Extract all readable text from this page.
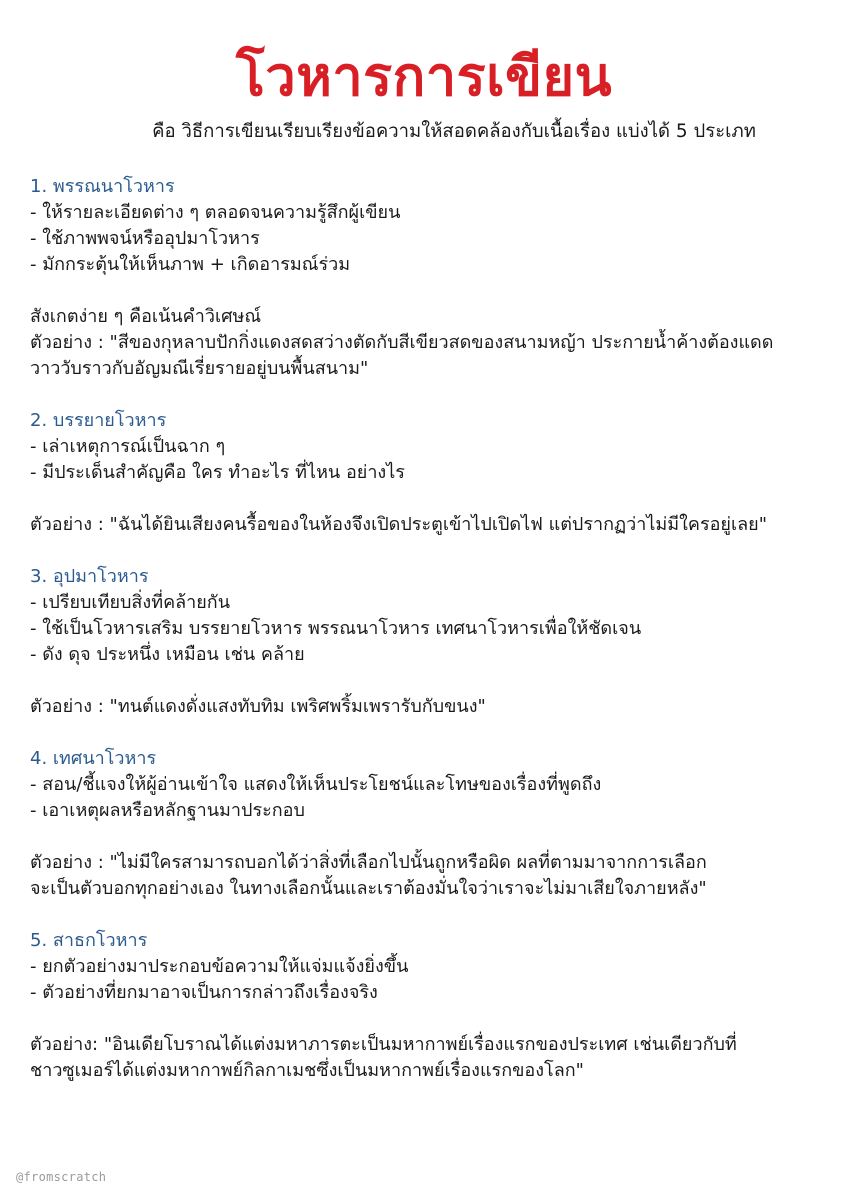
โวหารการเขียน
คือ วิธีการเขียนเรียบเรียงข้อความให้สอดคล้องกับเนื้อเรื่อง แบ่งได้ 5 ประเภท
1. พรรณนาโวหาร
- ให้รายละเอียดต่าง ๆ ตลอดจนความรู้สึกผู้เขียน
- ใช้ภาพพจน์หรืออุปมาโวหาร
- มักกระตุ้นให้เห็นภาพ + เกิดอารมณ์ร่วม
สังเกตง่าย ๆ คือเน้นคำวิเศษณ์
ตัวอย่าง : "สีของกุหลาบปักกิ่งแดงสดสว่างตัดกับสีเขียวสดของสนามหญ้า ประกายน้ำค้างต้องแดด
วาววับราวกับอัญมณีเรี่ยรายอยู่บนพื้นสนาม"
2. บรรยายโวหาร
- เล่าเหตุการณ์เป็นฉาก ๆ
- มีประเด็นสำคัญคือ ใคร ทำอะไร ที่ไหน อย่างไร
ตัวอย่าง : "ฉันได้ยินเสียงคนรื้อของในห้องจึงเปิดประตูเข้าไปเปิดไฟ แต่ปรากฏว่าไม่มีใครอยู่เลย"
3. อุปมาโวหาร
- เปรียบเทียบสิ่งที่คล้ายกัน
- ใช้เป็นโวหารเสริม บรรยายโวหาร พรรณนาโวหาร เทศนาโวหารเพื่อให้ชัดเจน
- ดัง ดุจ ประหนึ่ง เหมือน เช่น คล้าย
ตัวอย่าง : "ทนต์แดงดั่งแสงทับทิม เพริศพริ้มเพรารับกับขนง"
4. เทศนาโวหาร
- สอน/ชี้แจงให้ผู้อ่านเข้าใจ แสดงให้เห็นประโยชน์และโทษของเรื่องที่พูดถึง
- เอาเหตุผลหรือหลักฐานมาประกอบ
ตัวอย่าง : "ไม่มีใครสามารถบอกได้ว่าสิ่งที่เลือกไปนั้นถูกหรือผิด ผลที่ตามมาจากการเลือก
จะเป็นตัวบอกทุกอย่างเอง ในทางเลือกนั้นและเราต้องมั่นใจว่าเราจะไม่มาเสียใจภายหลัง"
5. สาธกโวหาร
- ยกตัวอย่างมาประกอบข้อความให้แจ่มแจ้งยิ่งขึ้น
- ตัวอย่างที่ยกมาอาจเป็นการกล่าวถึงเรื่องจริง
ตัวอย่าง: "อินเดียโบราณได้แต่งมหาภารตะเป็นมหากาพย์เรื่องแรกของประเทศ เช่นเดียวกับที่
ชาวซูเมอร์ได้แต่งมหากาพย์กิลกาเมชซึ่งเป็นมหากาพย์เรื่องแรกของโลก"
@fromscratch
